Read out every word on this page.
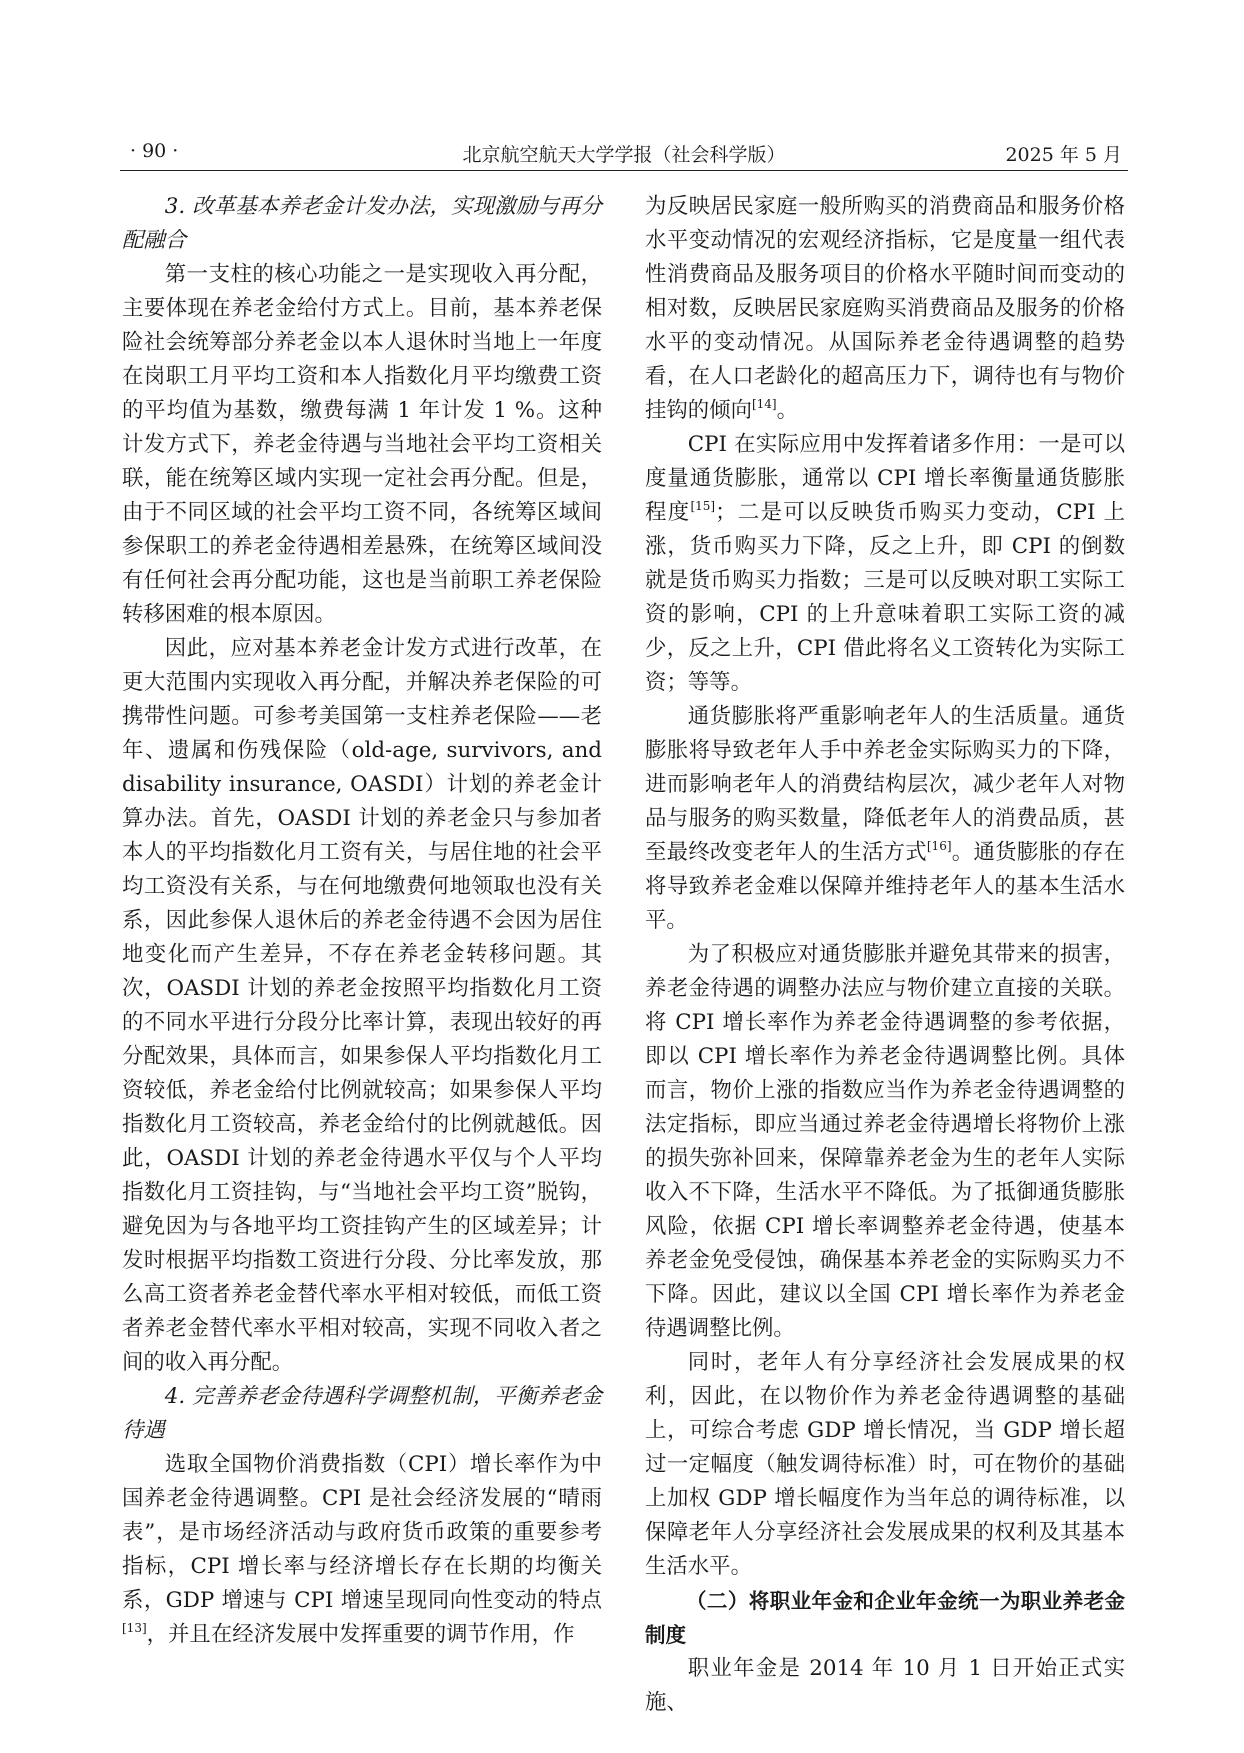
· 90 ·	北京航空航天大学学报（社会科学版）	2025 年 5 月

3. 改革基本养老金计发办法，实现激励与再分配融合

第一支柱的核心功能之一是实现收入再分配，主要体现在养老金给付方式上。目前，基本养老保险社会统筹部分养老金以本人退休时当地上一年度在岗职工月平均工资和本人指数化月平均缴费工资的平均值为基数，缴费每满 1 年计发 1 %。这种计发方式下，养老金待遇与当地社会平均工资相关联，能在统筹区域内实现一定社会再分配。但是，由于不同区域的社会平均工资不同，各统筹区域间参保职工的养老金待遇相差悬殊，在统筹区域间没有任何社会再分配功能，这也是当前职工养老保险转移困难的根本原因。

因此，应对基本养老金计发方式进行改革，在更大范围内实现收入再分配，并解决养老保险的可携带性问题。可参考美国第一支柱养老保险——老年、遗属和伤残保险（old-age, survivors, and disability insurance, OASDI）计划的养老金计算办法。首先，OASDI 计划的养老金只与参加者本人的平均指数化月工资有关，与居住地的社会平均工资没有关系，与在何地缴费何地领取也没有关系，因此参保人退休后的养老金待遇不会因为居住地变化而产生差异，不存在养老金转移问题。其次，OASDI 计划的养老金按照平均指数化月工资的不同水平进行分段分比率计算，表现出较好的再分配效果，具体而言，如果参保人平均指数化月工资较低，养老金给付比例就较高；如果参保人平均指数化月工资较高，养老金给付的比例就越低。因此，OASDI 计划的养老金待遇水平仅与个人平均指数化月工资挂钩，与“当地社会平均工资”脱钩，避免因为与各地平均工资挂钩产生的区域差异；计发时根据平均指数工资进行分段、分比率发放，那么高工资者养老金替代率水平相对较低，而低工资者养老金替代率水平相对较高，实现不同收入者之间的收入再分配。

4. 完善养老金待遇科学调整机制，平衡养老金待遇

选取全国物价消费指数（CPI）增长率作为中国养老金待遇调整。CPI 是社会经济发展的“晴雨表”，是市场经济活动与政府货币政策的重要参考指标，CPI 增长率与经济增长存在长期的均衡关系，GDP 增速与 CPI 增速呈现同向性变动的特点[13]，并且在经济发展中发挥重要的调节作用，作

为反映居民家庭一般所购买的消费商品和服务价格水平变动情况的宏观经济指标，它是度量一组代表性消费商品及服务项目的价格水平随时间而变动的相对数，反映居民家庭购买消费商品及服务的价格水平的变动情况。从国际养老金待遇调整的趋势看，在人口老龄化的超高压力下，调待也有与物价挂钩的倾向[14]。

CPI 在实际应用中发挥着诸多作用：一是可以度量通货膨胀，通常以 CPI 增长率衡量通货膨胀程度[15]；二是可以反映货币购买力变动，CPI 上涨，货币购买力下降，反之上升，即 CPI 的倒数就是货币购买力指数；三是可以反映对职工实际工资的影响，CPI 的上升意味着职工实际工资的减少，反之上升，CPI 借此将名义工资转化为实际工资；等等。

通货膨胀将严重影响老年人的生活质量。通货膨胀将导致老年人手中养老金实际购买力的下降，进而影响老年人的消费结构层次，减少老年人对物品与服务的购买数量，降低老年人的消费品质，甚至最终改变老年人的生活方式[16]。通货膨胀的存在将导致养老金难以保障并维持老年人的基本生活水平。

为了积极应对通货膨胀并避免其带来的损害，养老金待遇的调整办法应与物价建立直接的关联。将 CPI 增长率作为养老金待遇调整的参考依据，即以 CPI 增长率作为养老金待遇调整比例。具体而言，物价上涨的指数应当作为养老金待遇调整的法定指标，即应当通过养老金待遇增长将物价上涨的损失弥补回来，保障靠养老金为生的老年人实际收入不下降，生活水平不降低。为了抵御通货膨胀风险，依据 CPI 增长率调整养老金待遇，使基本养老金免受侵蚀，确保基本养老金的实际购买力不下降。因此，建议以全国 CPI 增长率作为养老金待遇调整比例。

同时，老年人有分享经济社会发展成果的权利，因此，在以物价作为养老金待遇调整的基础上，可综合考虑 GDP 增长情况，当 GDP 增长超过一定幅度（触发调待标准）时，可在物价的基础上加权 GDP 增长幅度作为当年总的调待标准，以保障老年人分享经济社会发展成果的权利及其基本生活水平。

（二）将职业年金和企业年金统一为职业养老金制度

职业年金是 2014 年 10 月 1 日开始正式实施、
